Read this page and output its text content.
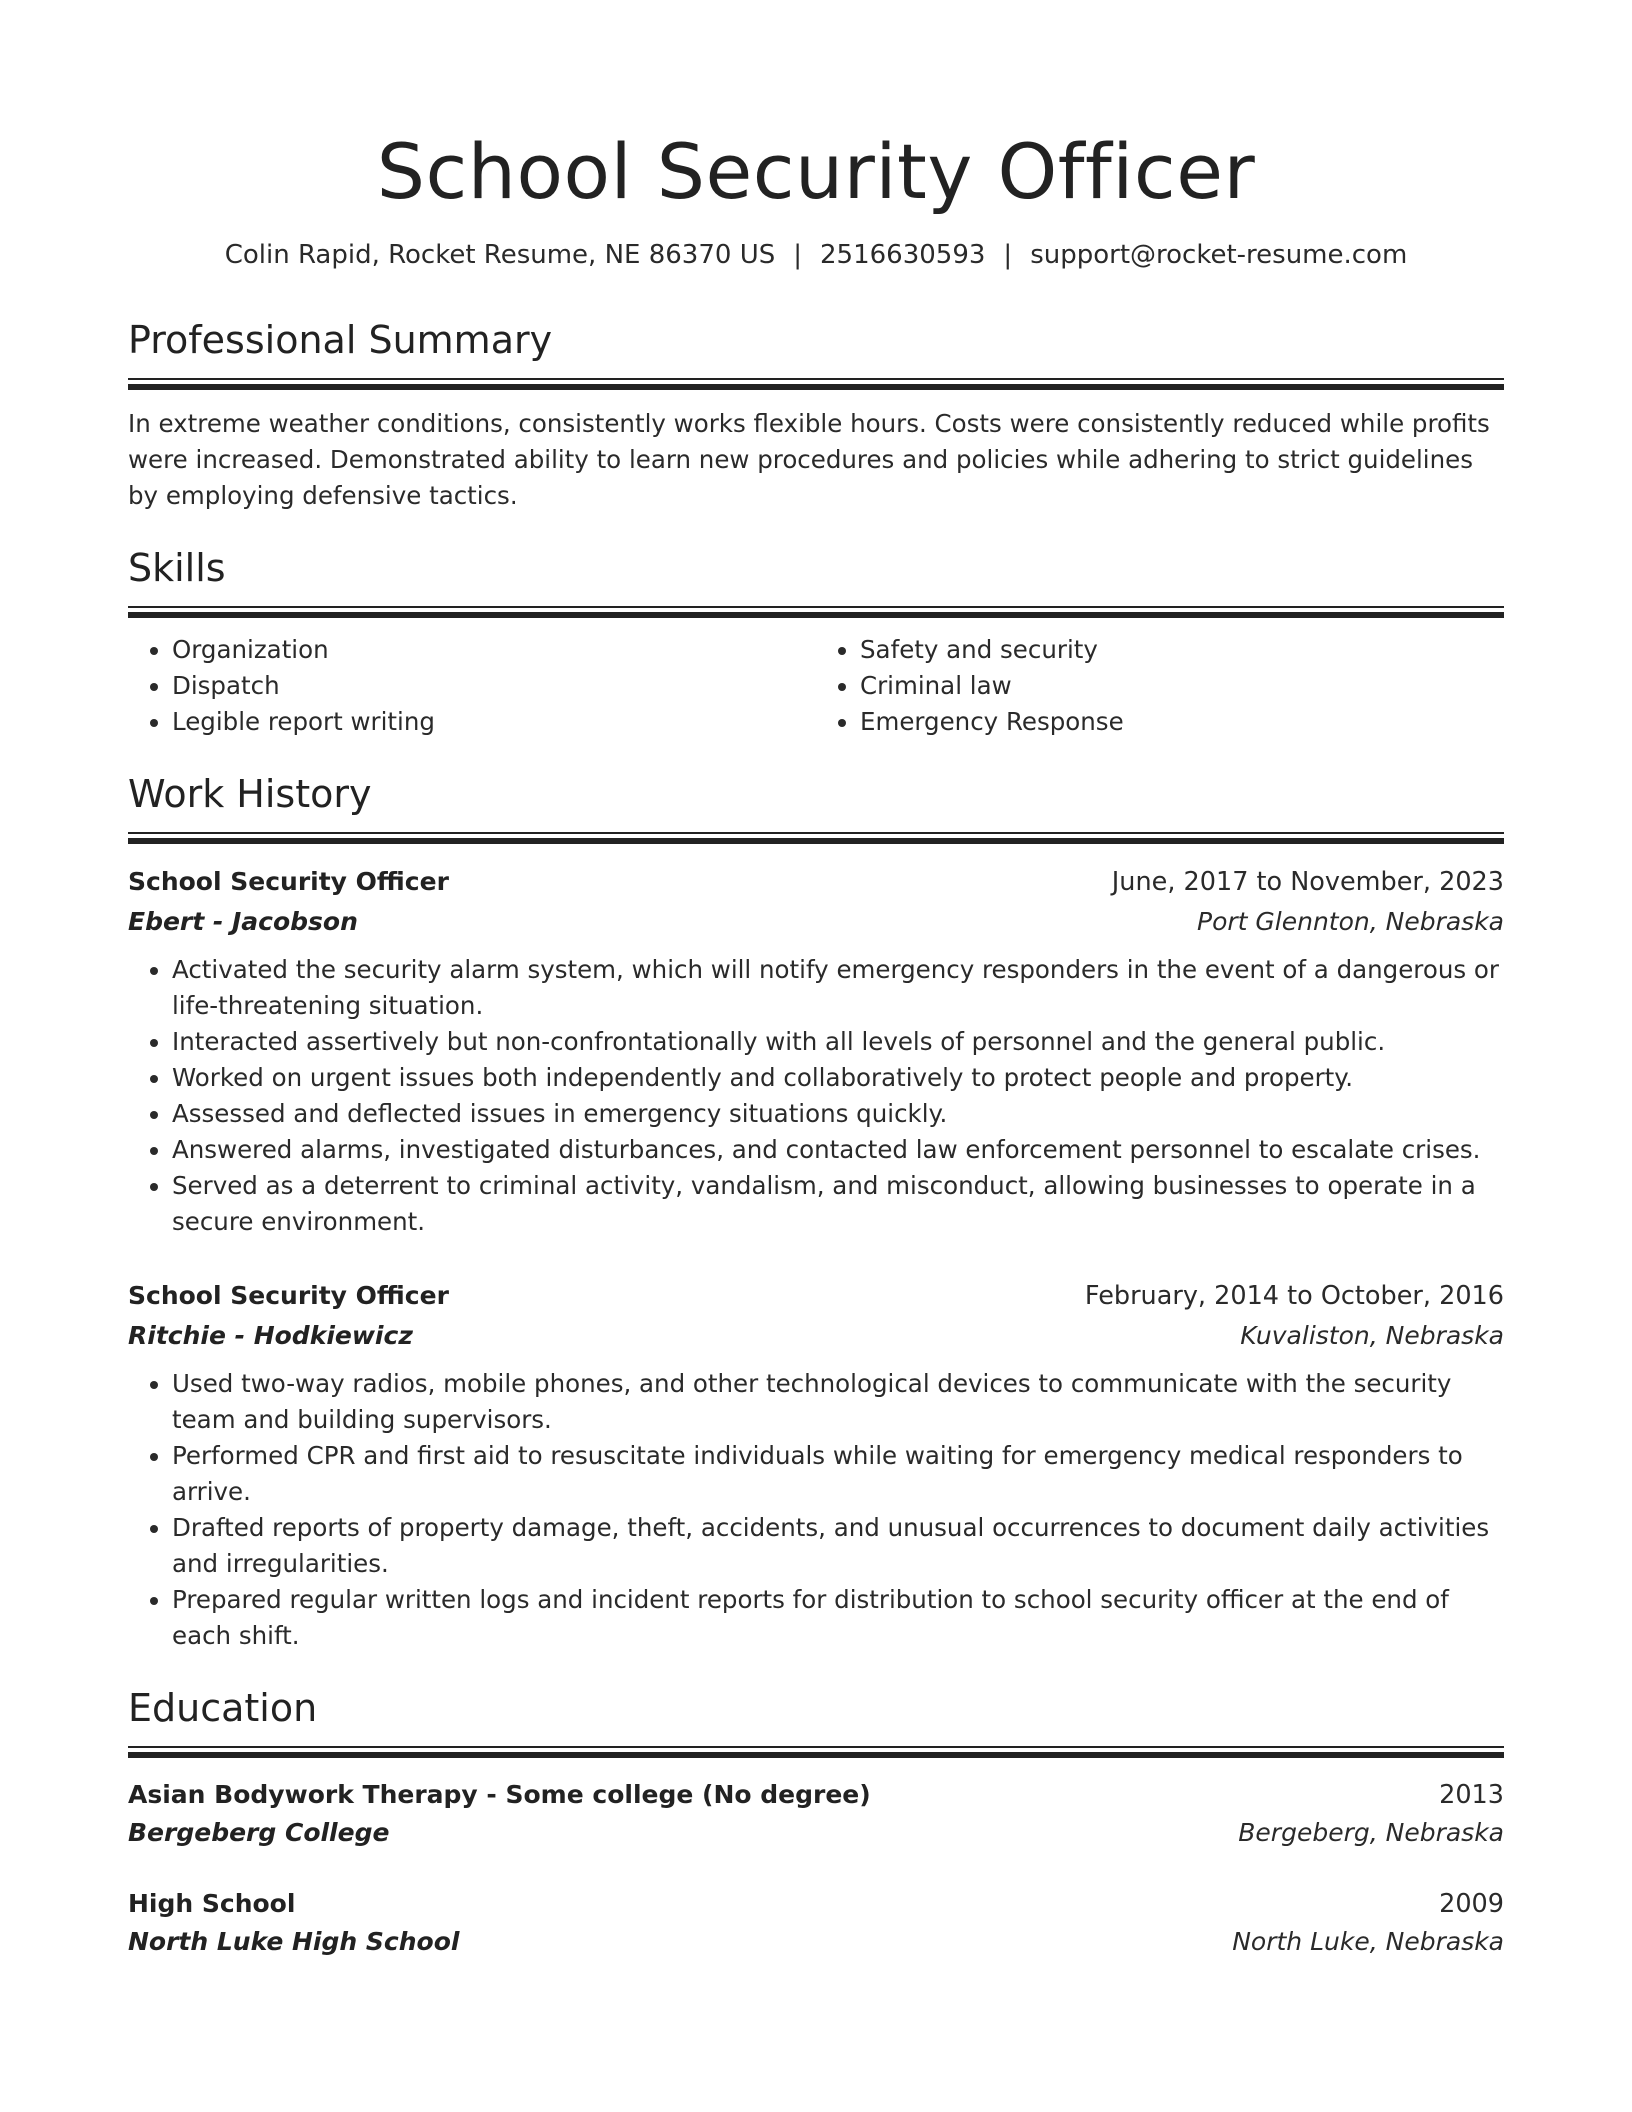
School Security Officer
Colin Rapid, Rocket Resume, NE 86370 US | 2516630593 | support@rocket-resume.com
Professional Summary

In extreme weather conditions, consistently works flexible hours. Costs were consistently reduced while profits were increased. Demonstrated ability to learn new procedures and policies while adhering to strict guidelines by employing defensive tactics.

Skills
• Organization
• Dispatch
• Legible report writing
• Safety and security
• Criminal law
• Emergency Response
Work History
School Security Officer	June, 2017 to November, 2023
Ebert - Jacobson	Port Glennton, Nebraska
• Activated the security alarm system, which will notify emergency responders in the event of a dangerous or life-threatening situation.
• Interacted assertively but non-confrontationally with all levels of personnel and the general public.
• Worked on urgent issues both independently and collaboratively to protect people and property.
• Assessed and deflected issues in emergency situations quickly.
• Answered alarms, investigated disturbances, and contacted law enforcement personnel to escalate crises.
• Served as a deterrent to criminal activity, vandalism, and misconduct, allowing businesses to operate in a secure environment.
School Security Officer	February, 2014 to October, 2016
Ritchie - Hodkiewicz	Kuvaliston, Nebraska
• Used two-way radios, mobile phones, and other technological devices to communicate with the security team and building supervisors.
• Performed CPR and first aid to resuscitate individuals while waiting for emergency medical responders to arrive.
• Drafted reports of property damage, theft, accidents, and unusual occurrences to document daily activities and irregularities.
• Prepared regular written logs and incident reports for distribution to school security officer at the end of each shift.
Education
Asian Bodywork Therapy - Some college (No degree)	2013
Bergeberg College	Bergeberg, Nebraska
High School	2009
North Luke High School	North Luke, Nebraska
